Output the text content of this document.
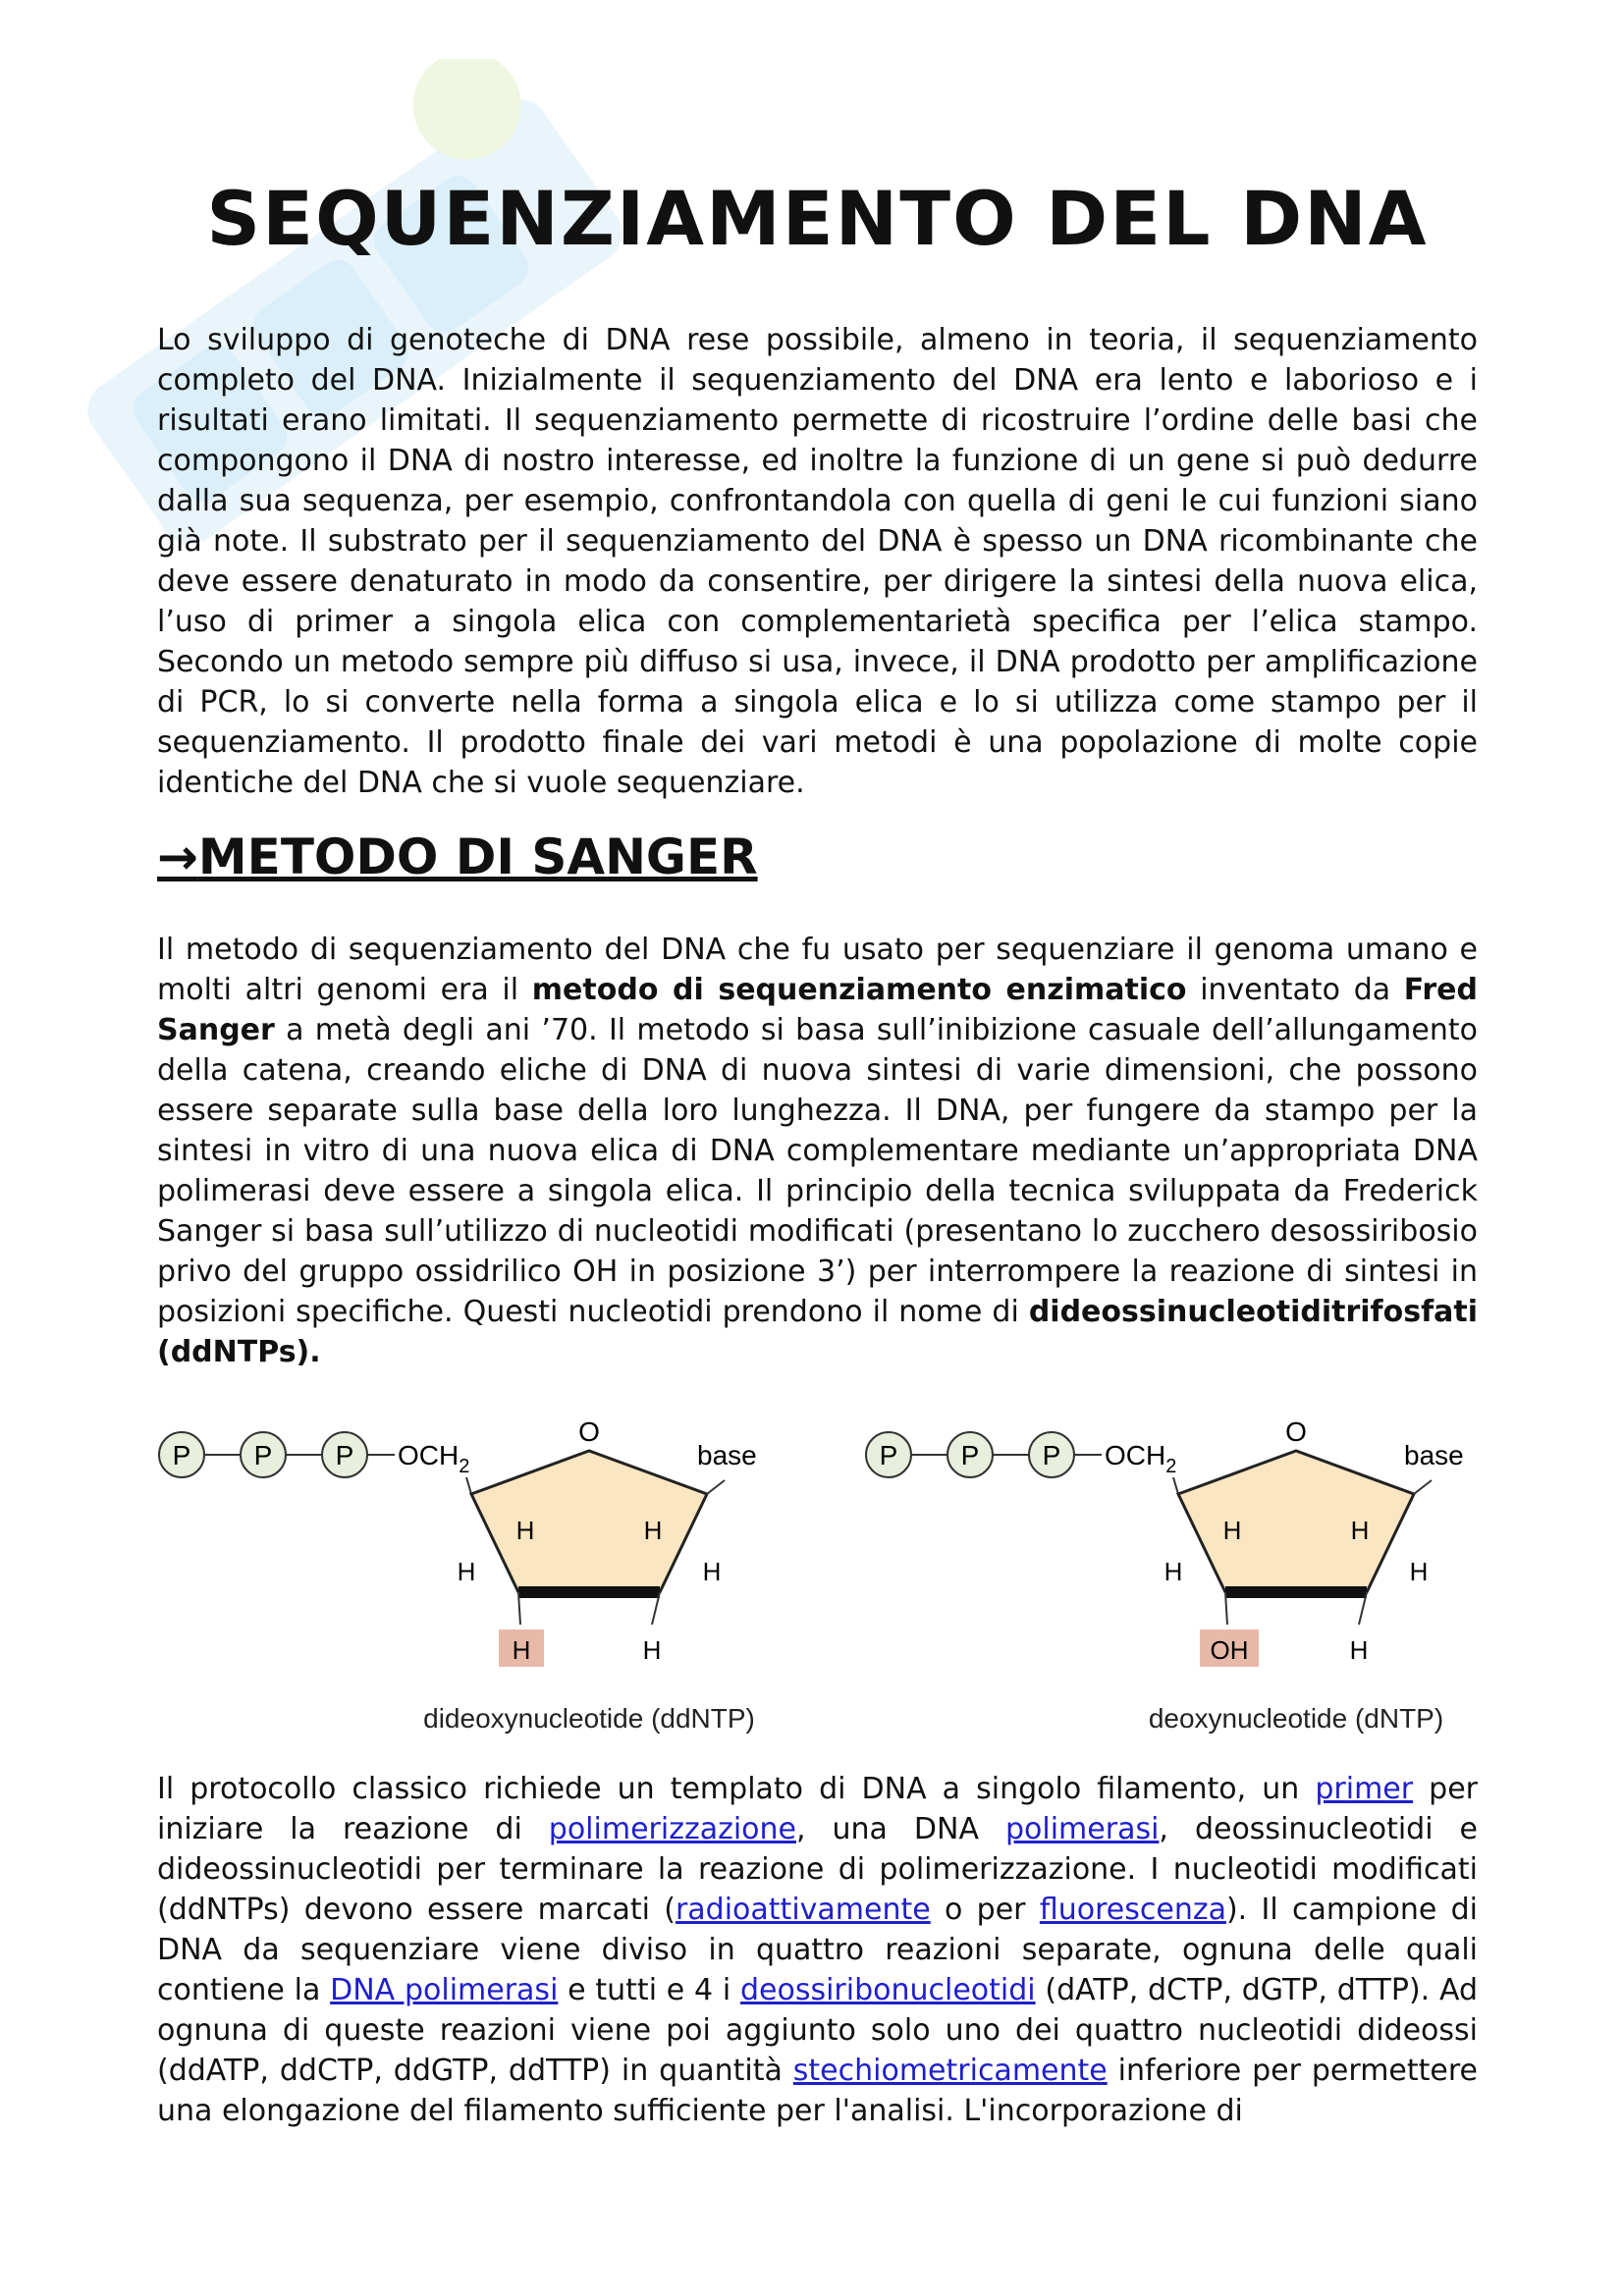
SEQUENZIAMENTO DEL DNA

Lo sviluppo di genoteche di DNA rese possibile, almeno in teoria, il sequenziamento completo del DNA. Inizialmente il sequenziamento del DNA era lento e laborioso e i risultati erano limitati. Il sequenziamento permette di ricostruire l’ordine delle basi che compongono il DNA di nostro interesse, ed inoltre la funzione di un gene si può dedurre dalla sua sequenza, per esempio, confrontandola con quella di geni le cui funzioni siano già note. Il substrato per il sequenziamento del DNA è spesso un DNA ricombinante che deve essere denaturato in modo da consentire, per dirigere la sintesi della nuova elica, l’uso di primer a singola elica con complementarietà specifica per l’elica stampo. Secondo un metodo sempre più diffuso si usa, invece, il DNA prodotto per amplificazione di PCR, lo si converte nella forma a singola elica e lo si utilizza come stampo per il sequenziamento. Il prodotto finale dei vari metodi è una popolazione di molte copie identiche del DNA che si vuole sequenziare.

→METODO DI SANGER

Il metodo di sequenziamento del DNA che fu usato per sequenziare il genoma umano e molti altri genomi era il metodo di sequenziamento enzimatico inventato da Fred Sanger a metà degli ani ’70. Il metodo si basa sull’inibizione casuale dell’allungamento della catena, creando eliche di DNA di nuova sintesi di varie dimensioni, che possono essere separate sulla base della loro lunghezza. Il DNA, per fungere da stampo per la sintesi in vitro di una nuova elica di DNA complementare mediante un’appropriata DNA polimerasi deve essere a singola elica. Il principio della tecnica sviluppata da Frederick Sanger si basa sull’utilizzo di nucleotidi modificati (presentano lo zucchero desossiribosio privo del gruppo ossidrilico OH in posizione 3’) per interrompere la reazione di sintesi in posizioni specifiche. Questi nucleotidi prendono il nome di dideossinucleotiditrifosfati (ddNTPs).

Il protocollo classico richiede un templato di DNA a singolo filamento, un primer per iniziare la reazione di polimerizzazione, una DNA polimerasi, deossinucleotidi e dideossinucleotidi per terminare la reazione di polimerizzazione. I nucleotidi modificati (ddNTPs) devono essere marcati (radioattivamente o per fluorescenza). Il campione di DNA da sequenziare viene diviso in quattro reazioni separate, ognuna delle quali contiene la DNA polimerasi e tutti e 4 i deossiribonucleotidi (dATP, dCTP, dGTP, dTTP). Ad ognuna di queste reazioni viene poi aggiunto solo uno dei quattro nucleotidi dideossi (ddATP, ddCTP, ddGTP, ddTTP) in quantità stechiometricamente inferiore per permettere una elongazione del filamento sufficiente per l'analisi. L'incorporazione di

P P P $OCH_2$
O
base
H	H
H	H
H	H
dideoxynucleotide (ddNTP)
P P P $OCH_2$
O
base
H	H
H	H
OH	H
deoxynucleotide (dNTP)
